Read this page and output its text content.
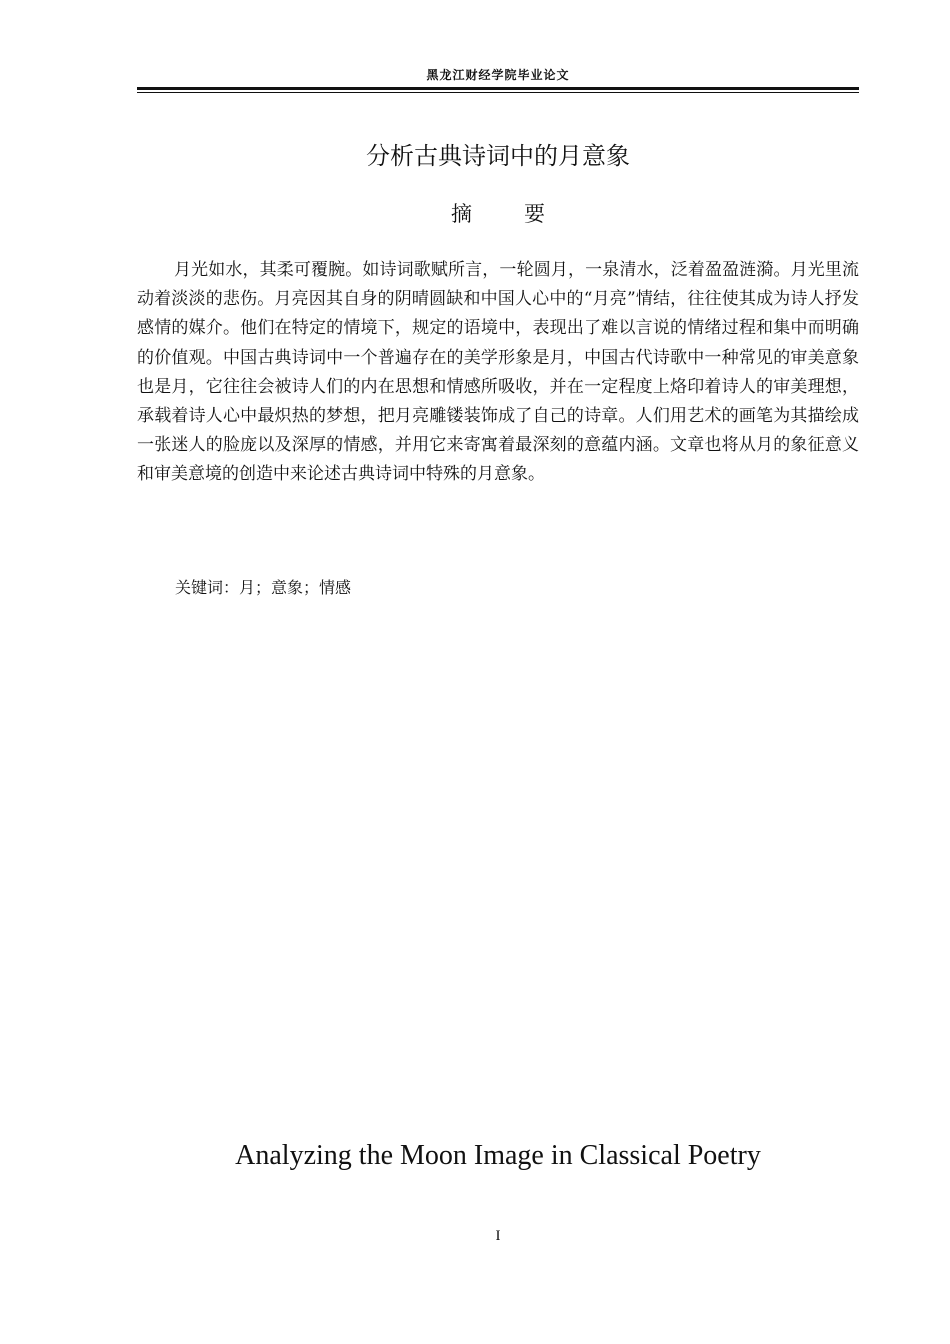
黑龙江财经学院毕业论文
分析古典诗词中的月意象
摘 要

月光如水，其柔可覆腕。如诗词歌赋所言，一轮圆月，一泉清水，泛着盈盈涟漪。月光里流动着淡淡的悲伤。月亮因其自身的阴晴圆缺和中国人心中的“月亮”情结，往往使其成为诗人抒发感情的媒介。他们在特定的情境下，规定的语境中，表现出了难以言说的情绪过程和集中而明确的价值观。中国古典诗词中一个普遍存在的美学形象是月，中国古代诗歌中一种常见的审美意象也是月，它往往会被诗人们的内在思想和情感所吸收，并在一定程度上烙印着诗人的审美理想，承载着诗人心中最炽热的梦想，把月亮雕镂装饰成了自己的诗章。人们用艺术的画笔为其描绘成一张迷人的脸庞以及深厚的情感，并用它来寄寓着最深刻的意蕴内涵。文章也将从月的象征意义和审美意境的创造中来论述古典诗词中特殊的月意象。

关键词：月；意象；情感
Analyzing the Moon Image in Classical Poetry
I
